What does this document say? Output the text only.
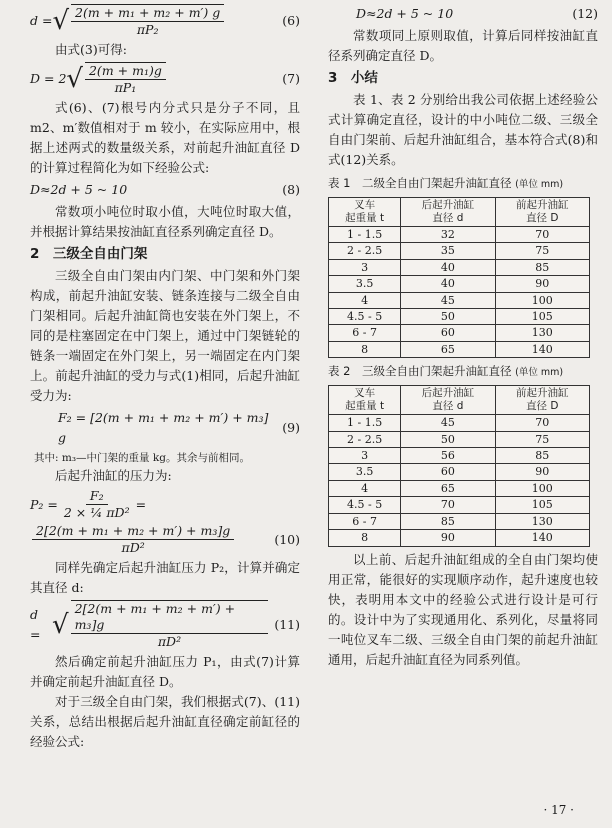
d = √ $\frac{\text{2(m + m₁ + m₂ + m′) g}}{\text{πP₂}}$	(6)

由式(3)可得:

D = 2 √ $\frac{\text{2(m + m₁)g}}{\text{πP₁}}$	(7)

式(6)、(7)根号内分式只是分子不同，且m2、m′数值相对于 m 较小，在实际应用中，根据上述两式的数量级关系，对前起升油缸直径 D 的计算过程简化为如下经验公式:

D≈2d + 5 ~ 10	(8)

常数项小吨位时取小值，大吨位时取大值，并根据计算结果按油缸直径系列确定直径 D。

2　三级全自由门架

三级全自由门架由内门架、中门架和外门架构成，前起升油缸安装、链条连接与二级全自由门架相同。后起升油缸筒也安装在外门架上，不同的是柱塞固定在中门架上，通过中门架链轮的链条一端固定在外门架上，另一端固定在内门架上。前起升油缸的受力与式(1)相同，后起升油缸受力为:

F₂ = [2(m + m₁ + m₂ + m′) + m₃] g
(9)

其中: m₃—中门架的重量 kg。其余与前相同。

后起升油缸的压力为:

$P_2 = \frac{\text{F₂}}{\text{2 × ¼ πD²}}$ =
$\frac{\text{2[2(m + m₁ + m₂ + m′) + m₃]g}}{\text{πD²}}$	(10)

同样先确定后起升油缸压力 P₂，计算并确定其直径 d:

d = √ $\frac{\text{2[2(m + m₁ + m₂ + m′) + m₃]g}}{\text{πD²}} (11)$

然后确定前起升油缸压力 P₁，由式(7)计算并确定前起升油缸直径 D。

对于三级全自由门架，我们根据式(7)、(11)关系，总结出根据后起升油缸直径确定前缸径的经验公式:

D≈2d + 5 ~ 10	(12)

常数项同上原则取值，计算后同样按油缸直径系列确定直径 D。

3　小结

表 1、表 2 分别给出我公司依据上述经验公式计算确定直径，设计的中小吨位二级、三级全自由门架前、后起升油缸组合，基本符合式(8)和式(12)关系。

表 1　二级全自由门架起升油缸直径 (单位 mm)

叉车
起重量 t	后起升油缸
直径 d	前起升油缸
直径 D
1 - 1.5	32	70
2 - 2.5	35	75
3	40	85
3.5	40	90
4	45	100
4.5 - 5	50	105
6 - 7	60	130
8	65	140

表 2　三级全自由门架起升油缸直径 (单位 mm)

叉车
起重量 t	后起升油缸
直径 d	前起升油缸
直径 D
1 - 1.5	45	70
2 - 2.5	50	75
3	56	85
3.5	60	90
4	65	100
4.5 - 5	70	105
6 - 7	85	130
8	90	140

以上前、后起升油缸组成的全自由门架均使用正常，能很好的实现顺序动作，起升速度也较快，表明用本文中的经验公式进行设计是可行的。设计中为了实现通用化、系列化，尽量将同一吨位叉车二级、三级全自由门架的前起升油缸通用，后起升油缸直径为同系列值。

· 17 ·
